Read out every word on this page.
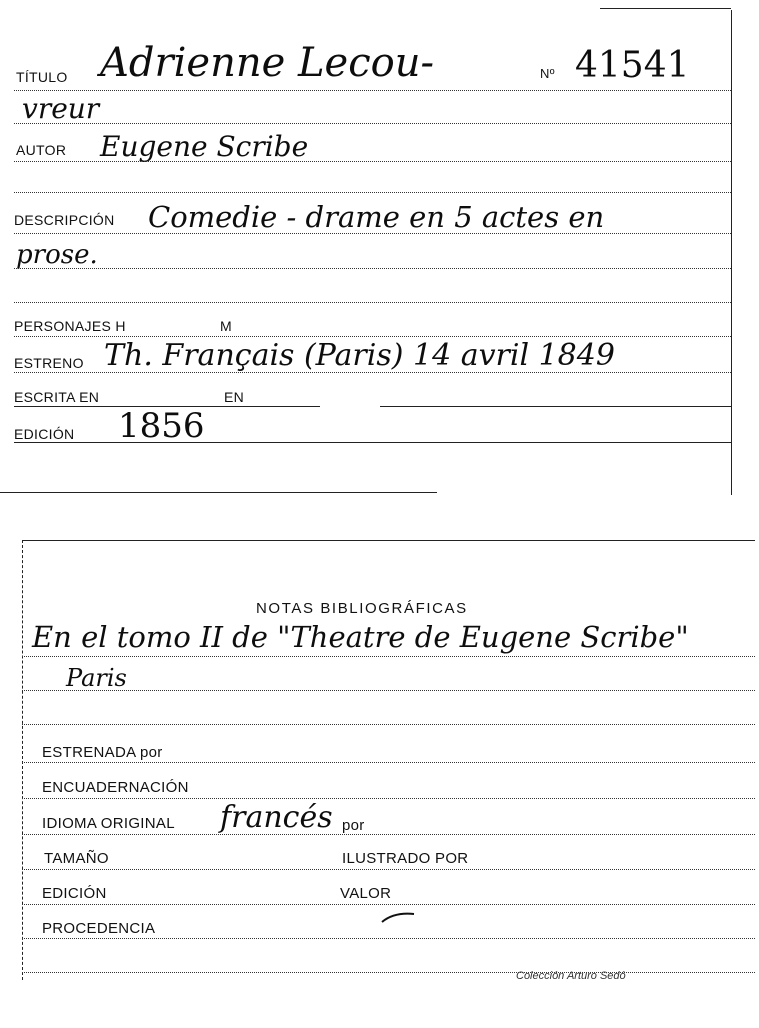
TÍTULO Adrienne Lecou-	Nº 41541
vreur
AUTOR Eugene Scribe
DESCRIPCIÓN Comedie - drame en 5 actes en
prose.
PERSONAJES H	M
ESTRENO Th. Français (Paris) 14 avril 1849
ESCRITA EN	EN
EDICIÓN 1856
NOTAS BIBLIOGRÁFICAS
En el tomo II de "Theatre de Eugene Scribe"
Paris
ESTRENADA por
ENCUADERNACIÓN
IDIOMA ORIGINAL francés por
TAMAÑO	ILUSTRADO POR
EDICIÓN	VALOR
PROCEDENCIA
Colección Arturo Sedó
